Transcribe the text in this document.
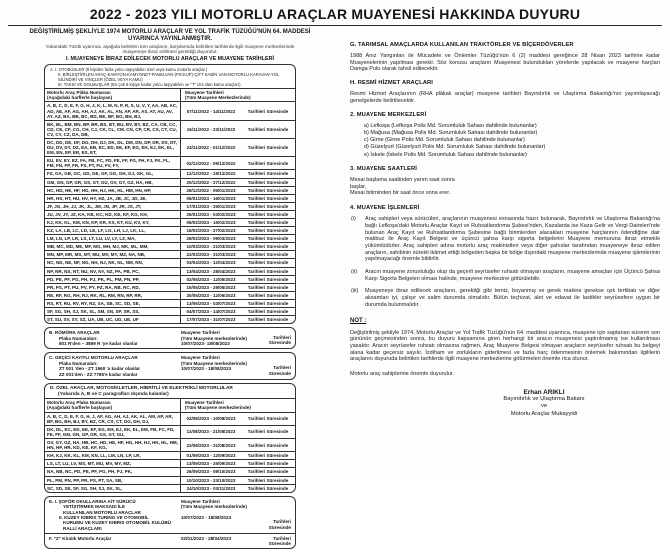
2022 - 2023 YILI MOTORLU ARAÇLAR MUAYENESİ HAKKINDA DUYURU
DEĞİŞTİRİLMİŞ ŞEKLİYLE 1974 MOTORLU ARAÇLAR VE YOL TRAFİK TÜZÜĞÜ'NÜN 64. MADDESİ UYARINCA YAYINLANMIŞTIR.
Yukarıdaki Tüzük uyarınca, aşağıda belirtilen tüm araçların, karşılarında belirtilen tarihlerde ilgili muayene merkezlerinde muayeneye ibraz edilmesi gerektiği duyurulur.
I. MUAYENEYE İBRAZ EDİLECEK MOTORLU ARAÇLAR VE MUAYENE TARİHLERİ
A. I. OTOBÜSLER (8 kişiden fazla yolcu taşıyabilen özel veya kamu motorlu araçlar.)
II. BİRLEŞTİRİLEN ARAÇ-KAMYON-KAMYONET-PANELVAN-(PICKUP)-ÇİFT KABİN VAN-MOTORLU KARAVAN-YOL SİLİNDİRİ VE VİNÇLER (ÖZEL VEYA KAMU)
III. TAKSİ VE DOLMUŞLAR (En çok 8 kişiye kadar yolcu taşıyabilen ve "T" izni olan kamu araçları)
Motorlu Araç Plâka Numarası
(Aşağıdaki harflerle başlayan)
Muayene Tarihleri
(Tüm Muayene Merkezlerinde)
A, B, C, D, E, F, G, H, J, K, L, M, N, P, R, S, U, V, Y, AA, AB, AC, AD, AE, AF, AG, AH, AJ, AK, AL, AN, AP, AR, AS, AT, AU, AV, AY, AZ, BA, BB, BC, BD, BE, BF, BG, BH, BJ,
07/11/2022 - 14/11/2022	Tarihleri Süresinde
BK, BL, BM, BN, BP, BR, BS, BT, BU, BV, BY, BZ, CA, CB, CC, CD, CE, CF, CG, CH, CJ, CK, CL, CM, CN, CP, CR, CS, CT, CU, CV, CY, CZ, DA, DB,
16/11/2022 - 23/11/2022	Tarihleri Süresinde
DC, DD, DE, DF, DG, DH, DJ, DK, DL, DM, DN, DP, DR, DS, DT, DU, DV, DY, DZ, EA, EB, EC, ED, EE, EF, EG, EH, EJ, EK, EL, EM, EN, EP, ER, ES, ET,
24/11/2022 - 01/12/2022	Tarihleri Süresinde
EU, EV, EY, EZ, FA, FB, FC, FD, FE, FF, FG, FH, FJ, FK, FL, FM, FN, FP, FR, FS, FT, FU, FV, FY,
02/12/2022 - 09/12/2022	Tarihleri Süresinde
FZ, GA, GB, GC, GD, GE, GF, GG, GH, GJ, GK, GL,	12/12/2022 - 19/12/2022	Tarihleri Süresinde
GM, GN, GP, GR, GS, GT, GU, GV, GY, GZ, HA, HB,	20/12/2022 - 27/12/2022	Tarihleri Süresinde
HC, HD, HE, HF, HG, HH, HJ, HK, HL, HM, HN, HP,	28/12/2022 - 05/01/2023	Tarihleri Süresinde
HR, HS, HT, HU, HV, HY, HZ, JA, JB, JC, JD, JE,	06/01/2023 - 16/01/2023	Tarihleri Süresinde
JF, JG, JH, JJ, JK, JL, JM, JN, JP, JR, JS, JT,	17/01/2023 - 25/01/2023	Tarihleri Süresinde
JU, JV, JY, JZ, KA, KB, KC, KD, KE, KF, KG, KH,	26/01/2023 - 03/02/2023	Tarihleri Süresinde
KJ, KK, KL, KM, KN, KP, KR, KS, KT, KU, KV, KY,	06/02/2023 - 15/02/2023	Tarihleri Süresinde
KZ, LA, LB, LC, LD, LE, LF, LG, LH, LJ, LK, LL,	16/02/2023 - 27/02/2023	Tarihleri Süresinde
LM, LN, LP, LR, LS, LT, LU, LV, LY, LZ, MA,	28/02/2023 - 09/03/2023	Tarihleri Süresinde
MB, MC, MD, ME, MF, MG, MH, MJ, MK, ML, MM,	10/03/2023 - 21/03/2023	Tarihleri Süresinde
MN, MP, MR, MS, MT, MU, MV, MY, MZ, NA, NB,	22/03/2023 - 31/03/2023	Tarihleri Süresinde
NC, ND, NE, NF, NG, NH, NJ, NK, NL, NM, NN,	03/04/2023 - 12/04/2023	Tarihleri Süresinde
NP, NR, NS, NT, NU, NV, NY, NZ, PA, PB, PC,	13/04/2023 - 28/04/2023	Tarihleri Süresinde
PD, PE, PF, PG, PH, PJ, PK, PL, PM, PN, PP,	02/05/2023 - 12/05/2023	Tarihleri Süresinde
PR, PS, PT, PU, PV, PY, PZ, RA, RB, RC, RD,	15/05/2023 - 29/05/2023	Tarihleri Süresinde
RE, RF, RG, RH, RJ, RK, RL, RM, RN, RP, RR,	30/05/2023 - 12/06/2023	Tarihleri Süresinde
RS, RT, RU, RV, RY, RZ, SA, SB, SC, SD, SE,	13/06/2023 - 03/07/2023	Tarihleri Süresinde
SF, SG, SH, SJ, SK, SL, SM, SN, SP, SR, SS,	04/07/2023 - 14/07/2023	Tarihleri Süresinde
ST, SU, SV, SY, SZ, UA, UB, UC, UD, UE, UF	17/07/2023 - 31/07/2023	Tarihleri Süresinde
B. RÖMÖRK ARAÇLAR
Plaka Numaraları:
801 R'den – 3869 R 'ye kadar olanlar
Muayene Tarihleri
(Tüm Muayene merkezlerinde)
10/07/2023- 18/08/2023
Tarihleri Süresinde
C. GEÇİCİ KAYITLI MOTORLU ARAÇLAR
Plaka Numaraları:
ZT 001 'den - ZT 1960 'a kadar olanlar
ZZ 001'den - ZZ 7785'e kadar olanlar
Muayene Tarihleri
(Tüm Muayene merkezlerinde)
10/07/2023 - 18/08/2023	Tarihleri Süresinde
D. ÖZEL ARAÇLAR, MOTOSİKLETLER, HİBRİTLİ VE ELEKTRİKLİ MOTORLULAR
(Yukarıda A, B ve C paragrafları dışında kalanlar)
Motorlu Araç Plaka Numarası
(Aşağıdaki harflerle başlayan)
Muayene Tarihleri
(Tüm Muayene merkezlerinde)
A, B, C, D, E, F, G, H, J, AF, AG, AH, AJ, AK, AL, AM, AP, AR, BF, BG, BH, BJ, BY, BZ, CR, CS, CT, DG, DH, DJ,
02/08/2023 - 10/08/2023	Tarihleri Süresinde
DK, DL, EC, ED, EE, EF, EG, EH, EJ, EK, EL, EM, FB, FC, FD, FE, FF, GM, GN, GP, GR, GS, GT, GU,
11/08/2023 - 21/08/2023	Tarihleri Süresinde
GV, GY, GZ, HA, HB, HC, HD, HE, HF, HG, HH, HJ, HK, HL, HM, HN, HP, HR, KD, KE, KF, KG,
22/08/2023 - 31/08/2023	Tarihleri Süresinde
KH, KJ, KK, KL, KM, KN, LL, LM, LN, LP, LR,	01/09/2023 - 12/09/2023	Tarihleri Süresinde
LS, LT, LU, LV, MS, MT, MU, MV, MY, MZ,	13/09/2023 - 25/09/2023	Tarihleri Süresinde
NA, NB, NC, PD, PE, PF, PG, PH, PJ, PK,	26/09/2023 - 09/10/2023	Tarihleri Süresinde
PL, PM, PN, PP, PR, PS, PT, SA, SB,	10/10/2023 - 23/10/2023	Tarihleri Süresinde
SC, SD, SE, SF, SG, SH, SJ, SK, SL,	24/10/2023 - 03/11/2023	Tarihleri Süresinde
E. I. ŞOFÖR OKULLARINA AİT SÜRÜCÜ
YETİŞTİRMEK MAKSADI İLE
KULLANILAN MOTORLU ARAÇLAR
II. KUZEY KIBRIS TURING VE OTOMOBİL
KURUMU VE KUZEY KIBRIS OTOMOBİL KULÜBÜ
RALLİ ARAÇLARI
Muayene Tarihleri
(Tüm Muayene merkezlerinde)
10/07/2023 - 18/08/2023
Tarihleri Süresinde
F. "Z" Kiralık Motorlu Araçlar	02/01/2023 - 28/04/2023	Tarihleri Süresinde
G. TARIMSAL AMAÇLARDA KULLANILAN TRAKTÖRLER VE BİÇERDÖVERLER
1988 Anız Yangınları ile Mücadele ve Önlemler Tüzüğü'nün 6 (2) maddesi gereğince 28 Nisan 2023 tarihine kadar Muayenelerinin yapılması gerekir. Söz konusu araçların Muayenesi bulundukları yörelerde yapılacak ve muayene harçları Damga Pulu olarak tahsil edilecektir.
H. RESMİ HİZMET ARAÇLARI
Resmi Hizmet Araçlarının (RHA plâkalı araçlar) muayene tarihleri Bayındırlık ve Ulaştırma Bakanlığı'nın yayımlayacağı genelgelerde belirtilecektir.
2. MUAYENE MERKEZLERİ
a) Lefkoşa (Lefkoşa Polis Md. Sorumluluk Sahası dahilinde bulunanlar)
b) Mağusa (Mağusa Polis Md. Sorumluluk Sahası dahilinde bulunanlar)
c) Girne (Girne Polis Md. Sorumluluk Sahası dahilinde bulunanlar)
d) Güzelyurt (Güzelyurt Polis Md. Sorumluluk Sahası dahilinde bulunanlar)
e) İskele (İskele Polis Md. Sorumluluk Sahası dahilinde bulunanlar)
3. MUAYENE SAATLERİ
Mesai başlama saatinden yarım saat sonra başlar,
Mesai bitiminden bir saat önce sona erer.
4. MUAYENE İŞLEMLERİ
(i)	Araç sahipleri veya sürücüleri, araçlarının muayenesi esnasında hazır bulunarak, Bayındırlık ve Ulaştırma Bakanlığı'na bağlı Lefkoşa'daki Motorlu Araçlar Kayıt ve Ruhsatlandırma Şubesi'nden, Kazalarda ise Kaza Gelir ve Vergi Daireleri'nde bulunan Araç Kayıt ve Ruhsatlandırma Şubesine bağlı birimlerden alacakları muayene harçlarının ödendiğine dair makbuz ile Araç Kayıt Belgesi ve üçüncü şahsa karşı sigorta belgelerini Muayene memuruna ibraz etmekle yükümlüdürler. Araç sahipleri adına motorlu araç makinistleri veya diğer şahıslar tarafından muayeneye ibraz edilen araçların, sahibinin sürekli ikâmet ettiği bölgeden başka bir bölge dışındaki muayene merkezlerinde muayene işlemlerinin yapılmayacağı önemle bildirilir.
(ii)	Aracın muayene zorunluluğu olup da geçerli seyrüsefer ruhsatı olmayan araçların, muayene amaçları için Üçüncü Şahsa Karşı Sigorta Belgeleri olması halinde, muayene merkezine götürülebilir.
(iii)	Muayeneye ibraz edilecek araçların, gerektiği gibi temiz, boyanmış ve gerek makine gerekse ışık tertibatı ve diğer aksamları iyi, çalışır ve salim durumda olmalıdır. Bütün teçhizat, alet ve edavat ile lastikler seyrüsefere uygun bir durumda bulunmalıdır.
NOT :
Değiştirilmiş şekliyle 1974, Motorlu Araçlar ve Yol Trafik Tüzüğü'nün 64. maddesi uyarınca, muayene için saptanan sürenin son gününün geçmesinden sonra, bu duyuru kapsamına giren herhangi bir aracın muayenesi yaptırılmamış ise kullanılması yasaktır. Aracın seyrüsefer ruhsatı olmasına rağmen, Araç Muayene Belgesi olmayan araçların seyrüsefer ruhsatı bu belgeyi alana kadar geçersiz sayılır. İzdiham ve zorlukların giderilmesi ve fazla harç ödenmesinin önlemek bakımından ilgililerin araçlarını duyuruda belirtilen tarihlerde ilgili muayene merkezlerine götürmeleri önemle rica olunur.
Motorlu araç sahiplerine önemle duyurulur.
Erhan ARIKLI
Bayındırlık ve Ulaştırma Bakanı
ve
Motorlu Araçlar Mukayyidi
